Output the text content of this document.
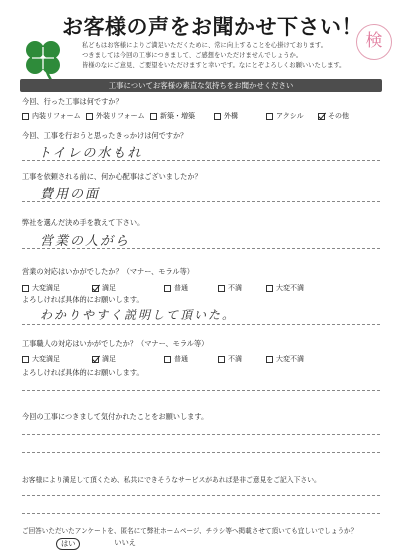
お客様の声をお聞かせ下さい！
検
私どもはお客様によりご満足いただくために、常に向上することを心掛けております。
つきましては今回の工事につきまして、ご感想をいただけませんでしょうか。
皆様のなにご意見、ご要望をいただけますと幸いです。なにとぞよろしくお願いいたします。
工事についてお客様の素直な気持ちをお聞かせください
今回、行った工事は何ですか？
内装リフォーム 外装リフォーム 新築・増築	外構	アクシル	その他
今回、工事を行おうと思ったきっかけは何ですか？
トイレの水もれ
工事を依頼される前に、何か心配事はございましたか？
費用の面
弊社を選んだ決め手を教えて下さい。
営業の人がら
営業の対応はいかがでしたか？（マナー、モラル等）
大変満足	満足	普通	不満	大変不満
よろしければ具体的にお願いします。
わかりやすく説明して頂いた。
工事職人の対応はいかがでしたか？（マナー、モラル等）
大変満足	満足	普通	不満	大変不満
よろしければ具体的にお願いします。
今回の工事につきまして気付かれたことをお願いします。
お客様により満足して頂くため、私共にできそうなサービスがあれば是非ご意見をご記入下さい。
ご回答いただいたアンケートを、匿名にて弊社ホームページ、チラシ等へ掲載させて頂いても宜しいでしょうか？
はい	いいえ
